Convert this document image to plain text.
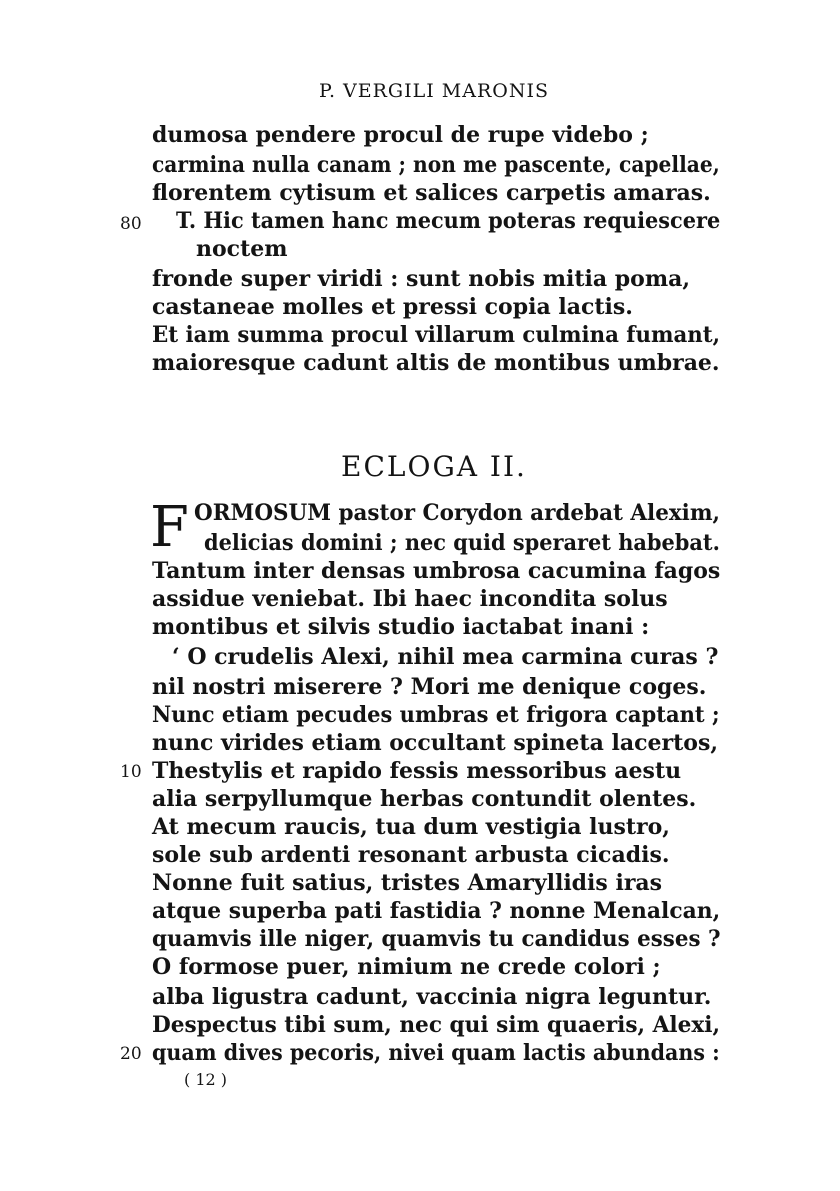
P. VERGILI MARONIS
dumosa pendere procul de rupe videbo ;
carmina nulla canam ; non me pascente, capellae,
florentem cytisum et salices carpetis amaras.
80 T. Hic tamen hanc mecum poteras requiescere
noctem
fronde super viridi : sunt nobis mitia poma,
castaneae molles et pressi copia lactis.
Et iam summa procul villarum culmina fumant,
maioresque cadunt altis de montibus umbrae.
ECLOGA II.
F ORMOSUM pastor Corydon ardebat Alexim,
delicias domini ; nec quid speraret habebat.
Tantum inter densas umbrosa cacumina fagos
assidue veniebat. Ibi haec incondita solus
montibus et silvis studio iactabat inani :
‘ O crudelis Alexi, nihil mea carmina curas ?
nil nostri miserere ? Mori me denique coges.
Nunc etiam pecudes umbras et frigora captant ;
nunc virides etiam occultant spineta lacertos,
10 Thestylis et rapido fessis messoribus aestu
alia serpyllumque herbas contundit olentes.
At mecum raucis, tua dum vestigia lustro,
sole sub ardenti resonant arbusta cicadis.
Nonne fuit satius, tristes Amaryllidis iras
atque superba pati fastidia ? nonne Menalcan,
quamvis ille niger, quamvis tu candidus esses ?
O formose puer, nimium ne crede colori ;
alba ligustra cadunt, vaccinia nigra leguntur.
Despectus tibi sum, nec qui sim quaeris, Alexi,
20 quam dives pecoris, nivei quam lactis abundans :
( 12 )
